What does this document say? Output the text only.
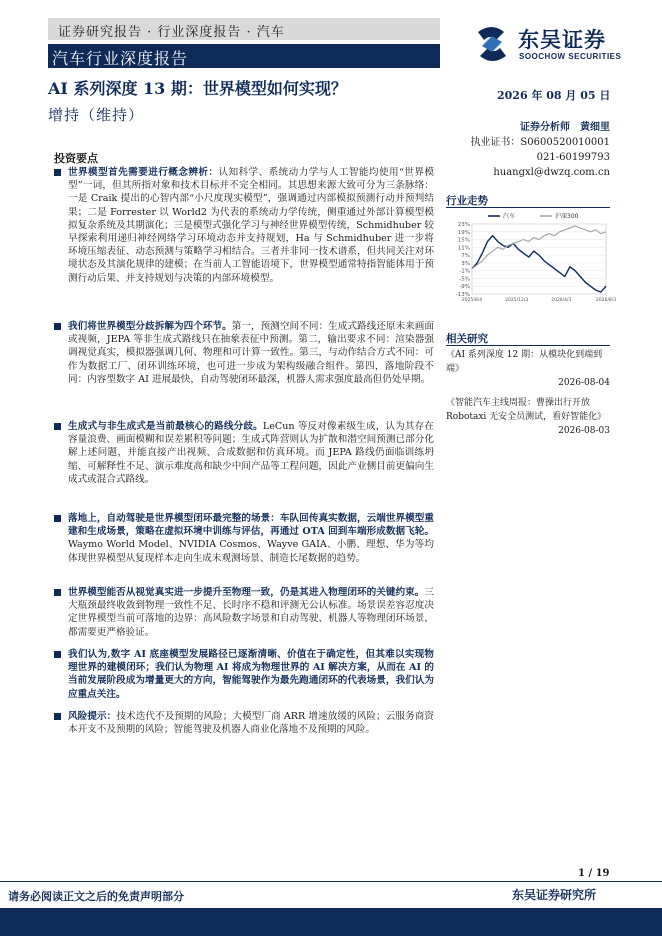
证券研究报告 · 行业深度报告 · 汽车
汽车行业深度报告
东吴证券
SOOCHOW SECURITIES
AI 系列深度 13 期：世界模型如何实现？	2026 年 08 月 05 日
增持（维持）
证券分析师　黄细里
执业证书：S0600520010001
021-60199793
huangxl@dwzq.com.cn
投资要点
世界模型首先需要进行概念辨析：认知科学、系统动力学与人工智能均使用“世界模型”一词，但其所指对象和技术目标并不完全相同。其思想来源大致可分为三条脉络：一是 Craik 提出的心智内部“小尺度现实模型”，强调通过内部模拟预测行动并预判结果；二是 Forrester 以 World2 为代表的系统动力学传统，侧重通过外部计算模型模拟复杂系统及其期演化；三是模型式强化学习与神经世界模型传统，Schmidhuber 较早探索利用递归神经网络学习环境动态并支持规划，Ha 与 Schmidhuber 进一步将环境压缩表征、动态预测与策略学习相结合。三者并非同一技术谱系，但共同关注对环境状态及其演化规律的建模；在当前人工智能语境下，世界模型通常特指智能体用于预测行动后果、并支持规划与决策的内部环境模型。
我们将世界模型分歧拆解为四个环节。第一，预测空间不同：生成式路线还原未来画面或视频，JEPA 等非生成式路线只在抽象表征中预测。第二，输出要求不同：渲染器强调视觉真实，模拟器强调几何、物理和可计算一致性。第三，与动作结合方式不同：可作为数据工厂、闭环训练环境，也可进一步成为架构级融合组件。第四，落地阶段不同：内容型数字 AI 进展最快，自动驾驶闭环最深，机器人需求强度最高但仍处早期。
生成式与非生成式是当前最核心的路线分歧。LeCun 等反对像素级生成，认为其存在容量浪费、画面模糊和误差累积等问题；生成式阵营则认为扩散和潜空间预测已部分化解上述问题，并能直接产出视频、合成数据和仿真环境。而 JEPA 路线仍面临训练坍缩、可解释性不足、演示难度高和缺少中间产品等工程问题，因此产业侧目前更偏向生成式或混合式路线。
落地上，自动驾驶是世界模型闭环最完整的场景：车队回传真实数据，云端世界模型重建和生成场景，策略在虚拟环境中训练与评估，再通过 OTA 回到车端形成数据飞轮。Waymo World Model、NVIDIA Cosmos、Wayve GAIA、小鹏、理想、华为等均体现世界模型从复现样本走向生成未观测场景、制造长尾数据的趋势。
世界模型能否从视觉真实进一步提升至物理一致，仍是其进入物理闭环的关键约束。三大瓶颈最终收敛到物理一致性不足、长时序不稳和评测无公认标准。场景误差容忍度决定世界模型当前可落地的边界：高风险数字场景和自动驾驶、机器人等物理闭环场景，都需要更严格验证。
我们认为,数字 AI 底座模型发展路径已逐渐清晰、价值在于确定性，但其难以实现物理世界的建模闭环；我们认为物理 AI 将成为物理世界的 AI 解决方案，从而在 AI 的当前发展阶段成为增量更大的方向，智能驾驶作为最先跑通闭环的代表场景，我们认为应重点关注。
风险提示：技术迭代不及预期的风险；大模型厂商 ARR 增速放缓的风险；云服务商资本开支不及预期的风险；智能驾驶及机器人商业化落地不及预期的风险。
行业走势
23%
19%
15%
11%
7%
3%
-1%
-5%
-9%
-13%
2025/8/4	2025/12/3	2026/4/3	2026/8/3
汽车	沪深300
相关研究
《AI 系列深度 12 期：从模块化到端到端》
2026-08-04
《智能汽车主线周报：曹操出行开放 Robotaxi 无安全员测试，看好智能化》
2026-08-03
1 / 19
请务必阅读正文之后的免责声明部分	东吴证券研究所
